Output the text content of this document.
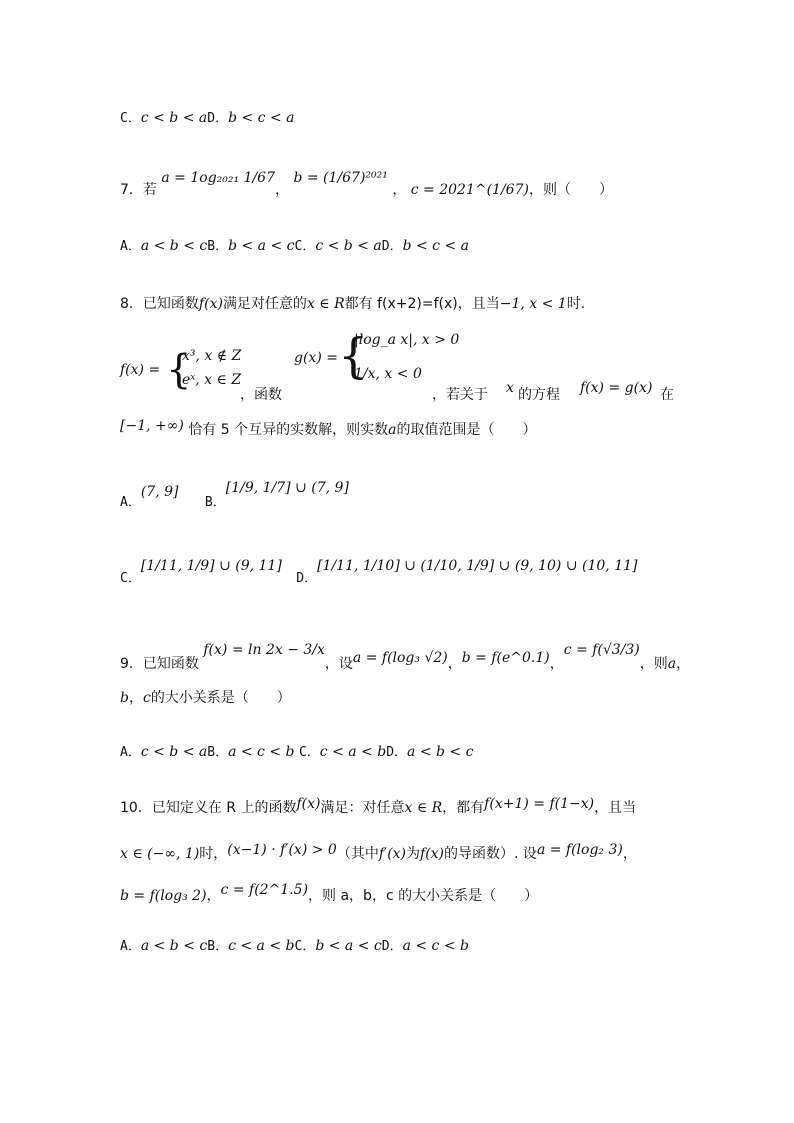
C．c < b < aD．b < c < a
7．若 a = 1og₂₀₂₁ 1/67， b = (1/67)²⁰²¹ ， c = 2021^(1/67)，则（　　）
A．a < b < cB．b < a < cC．c < b < aD．b < c < a
8．已知函数f(x)满足对任意的x ∈ R都有 f(x+2)=f(x)，且当−1, x < 1时.
f(x) = {
x³, x ∉ Z
eˣ, x ∈ Z
，函数
g(x) = {
|log_a x|, x > 0
1/x, x < 0
，若关于 x 的方程 f(x) = g(x) 在
[−1, +∞) 恰有 5 个互异的实数解，则实数a的取值范围是（　　）
A．(7, 9] B．[1/9, 1/7] ∪ (7, 9]
C．[1/11, 1/9] ∪ (9, 11] D．[1/11, 1/10] ∪ (1/10, 1/9] ∪ (9, 10) ∪ (10, 11]
9．已知函数 f(x) = ln 2x − 3/x，设a = f(log₃ √2)，b = f(e^0.1)，c = f(√3/3)，则a，
b，c的大小关系是（　　）
A．c < b < aB．a < c < b C．c < a < bD．a < b < c
10．已知定义在 R 上的函数f(x)满足：对任意x ∈ R，都有f(x+1) = f(1−x)，且当
x ∈ (−∞, 1)时，(x−1) · f′(x) > 0（其中f′(x)为f(x)的导函数）. 设a = f(log₂ 3)，
b = f(log₃ 2)，c = f(2^1.5)，则 a，b，c 的大小关系是（　　）
A．a < b < cB．c < a < bC．b < a < cD．a < c < b
